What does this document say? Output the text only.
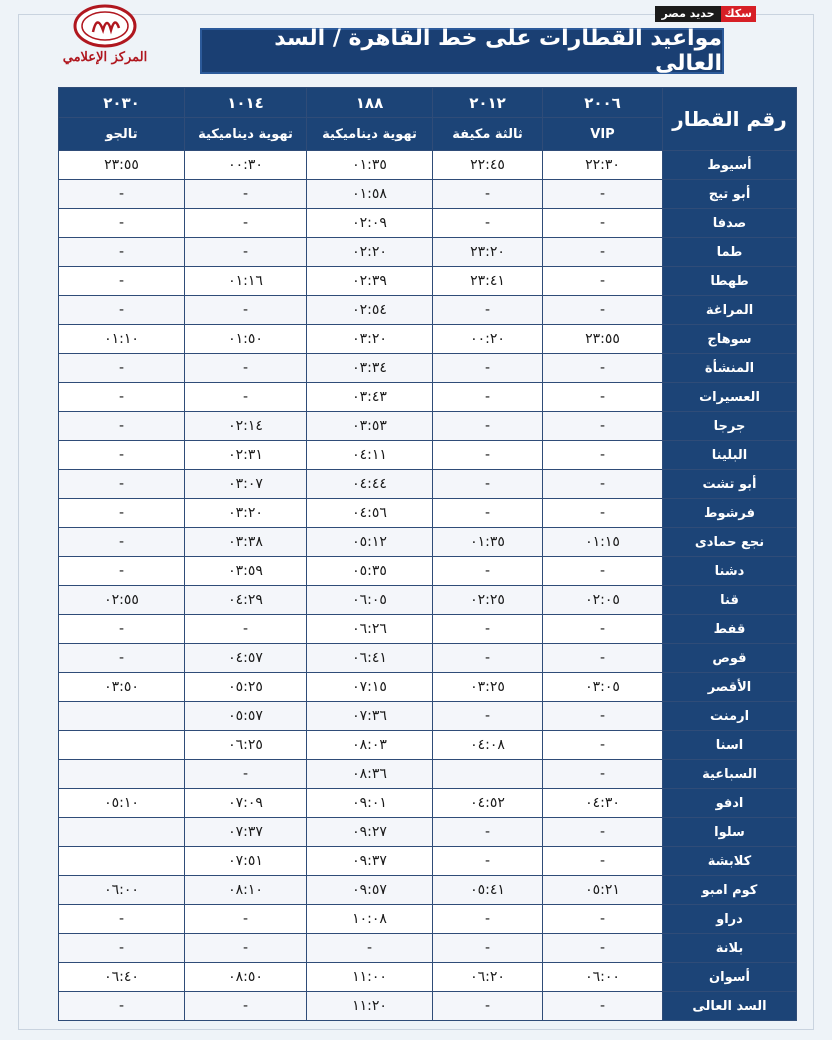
المركز الإعلامي
سكك
حديد مصر
مواعيد القطارات على خط القاهرة / السد العالى
رقم القطار	٢٠٠٦	٢٠١٢	١٨٨	١٠١٤	٢٠٣٠
	VIP	ثالثة مكيفة	تهوية ديناميكية	تهوية ديناميكية	تالجو
أسيوط	٢٢:٣٠	٢٢:٤٥	٠١:٣٥	٠٠:٣٠	٢٣:٥٥
أبو تيج	-	-	٠١:٥٨	-	-
صدفا	-	-	٠٢:٠٩	-	-
طما	-	٢٣:٢٠	٠٢:٢٠	-	-
طهطا	-	٢٣:٤١	٠٢:٣٩	٠١:١٦	-
المراغة	-	-	٠٢:٥٤	-	-
سوهاج	٢٣:٥٥	٠٠:٢٠	٠٣:٢٠	٠١:٥٠	٠١:١٠
المنشأة	-	-	٠٣:٣٤	-	-
العسيرات	-	-	٠٣:٤٣	-	-
جرجا	-	-	٠٣:٥٣	٠٢:١٤	-
البلينا	-	-	٠٤:١١	٠٢:٣١	-
أبو تشت	-	-	٠٤:٤٤	٠٣:٠٧	-
فرشوط	-	-	٠٤:٥٦	٠٣:٢٠	-
نجع حمادى	٠١:١٥	٠١:٣٥	٠٥:١٢	٠٣:٣٨	-
دشنا	-	-	٠٥:٣٥	٠٣:٥٩	-
قنا	٠٢:٠٥	٠٢:٢٥	٠٦:٠٥	٠٤:٢٩	٠٢:٥٥
قفط	-	-	٠٦:٢٦	-	-
قوص	-	-	٠٦:٤١	٠٤:٥٧	-
الأقصر	٠٣:٠٥	٠٣:٢٥	٠٧:١٥	٠٥:٢٥	٠٣:٥٠
ارمنت	-	-	٠٧:٣٦	٠٥:٥٧	
اسنا	-	٠٤:٠٨	٠٨:٠٣	٠٦:٢٥	
السباعية	-		٠٨:٣٦	-	
ادفو	٠٤:٣٠	٠٤:٥٢	٠٩:٠١	٠٧:٠٩	٠٥:١٠
سلوا	-	-	٠٩:٢٧	٠٧:٣٧	
كلابشة	-	-	٠٩:٣٧	٠٧:٥١	
كوم امبو	٠٥:٢١	٠٥:٤١	٠٩:٥٧	٠٨:١٠	٠٦:٠٠
دراو	-	-	١٠:٠٨	-	-
بلانة	-	-	-	-	-
أسوان	٠٦:٠٠	٠٦:٢٠	١١:٠٠	٠٨:٥٠	٠٦:٤٠
السد العالى	-	-	١١:٢٠	-	-
